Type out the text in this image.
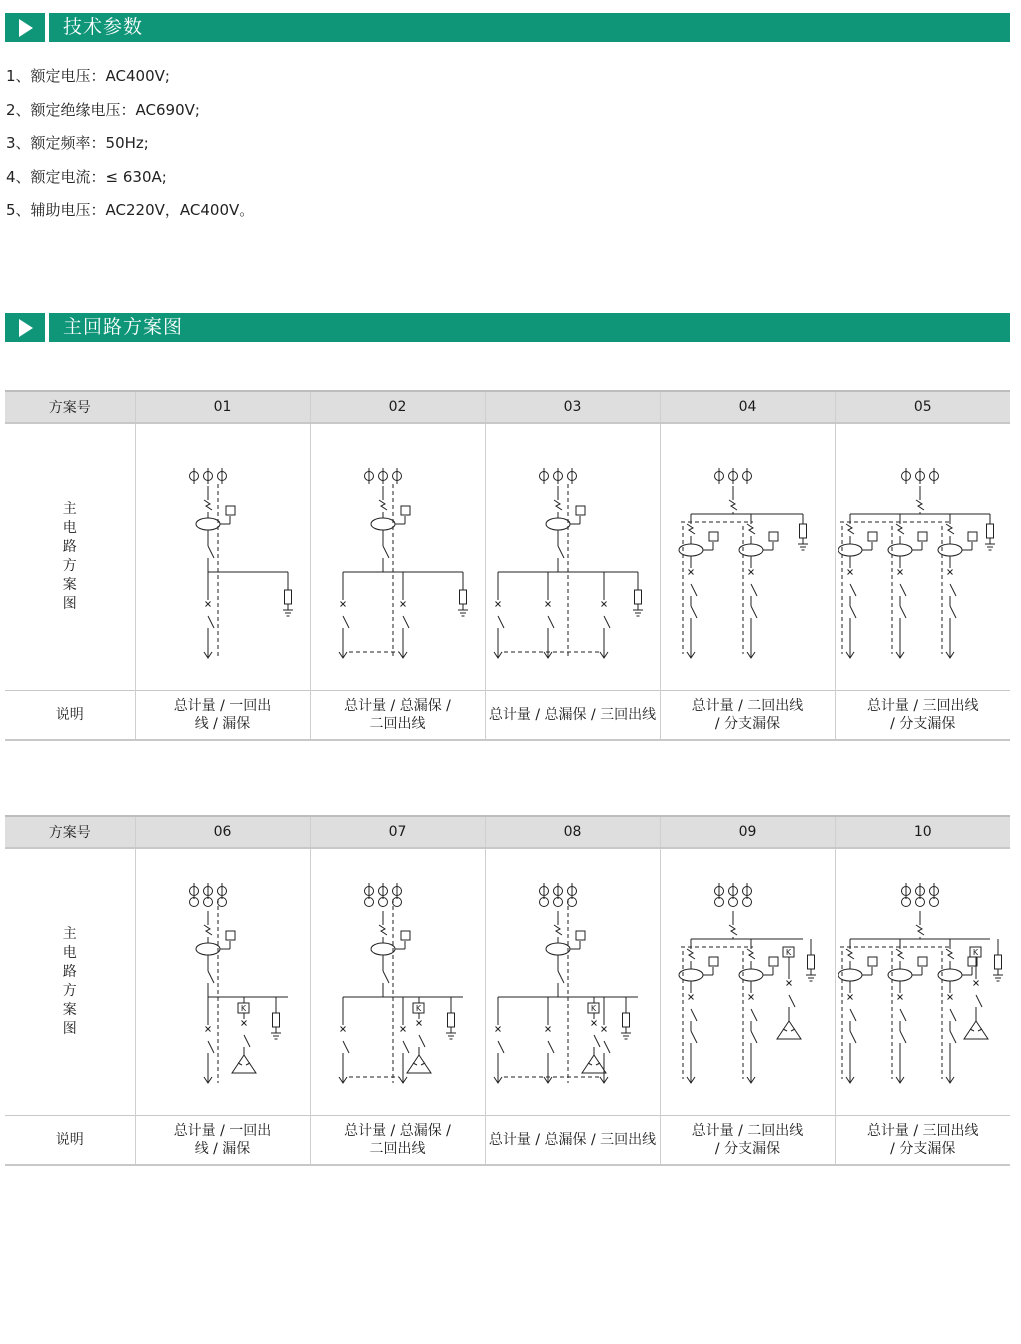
技术参数
1、额定电压：AC400V;
2、额定绝缘电压：AC690V;
3、额定频率：50Hz;
4、额定电流：≤ 630A;
5、辅助电压：AC220V，AC400V。
主回路方案图
方案号	01	02	03	04	05

主电路方案图

说明	总计量 / 一回出线 / 漏保	总计量 / 总漏保 / 二回出线	总计量 / 总漏保 / 三回出线	总计量 / 二回出线 / 分支漏保	总计量 / 三回出线 / 分支漏保
方案号	06	07	08	09	10

主电路方案图	K	K	K	K	K

说明	总计量 / 一回出线 / 漏保	总计量 / 总漏保 / 二回出线	总计量 / 总漏保 / 三回出线	总计量 / 二回出线 / 分支漏保	总计量 / 三回出线 / 分支漏保
